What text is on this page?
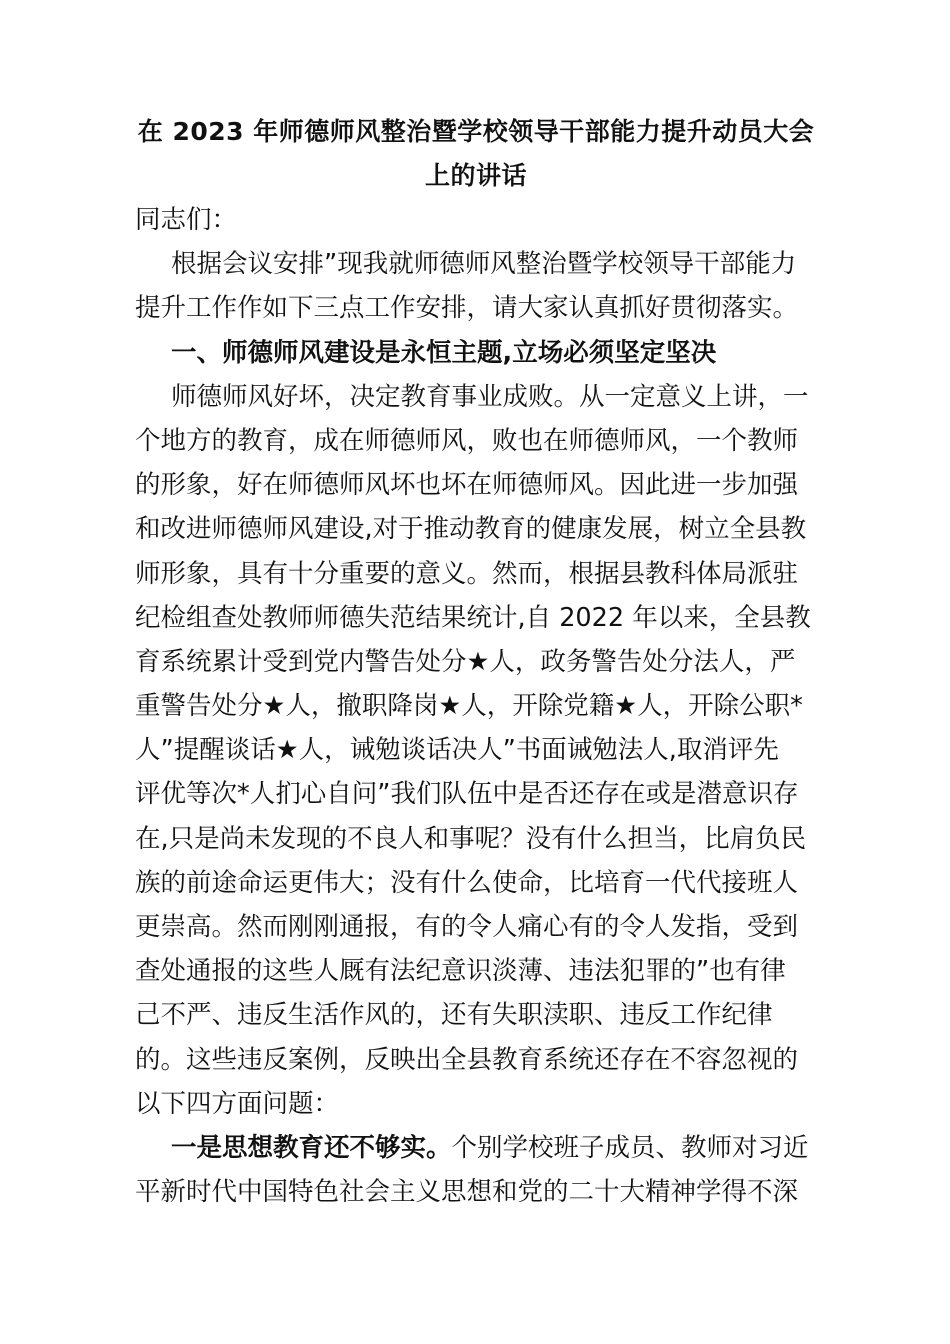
在 2023 年师德师风整治暨学校领导干部能力提升动员大会

上的讲话

同志们：

根据会议安排”现我就师德师风整治暨学校领导干部能力

提升工作作如下三点工作安排，请大家认真抓好贯彻落实。

一、师德师风建设是永恒主题,立场必须坚定坚决

师德师风好坏，决定教育事业成败。从一定意义上讲，一

个地方的教育，成在师德师风，败也在师德师风，一个教师

的形象，好在师德师风坏也坏在师德师风。因此进一步加强

和改进师德师风建设,对于推动教育的健康发展，树立全县教

师形象，具有十分重要的意义。然而，根据县教科体局派驻

纪检组查处教师师德失范结果统计,自 2022 年以来，全县教

育系统累计受到党内警告处分★人，政务警告处分法人，严

重警告处分★人，撤职降岗★人，开除党籍★人，开除公职*

人”提醒谈话★人，诫勉谈话决人”书面诫勉法人,取消评先

评优等次*人扪心自问”我们队伍中是否还存在或是潜意识存

在,只是尚未发现的不良人和事呢？没有什么担当，比肩负民

族的前途命运更伟大；没有什么使命，比培育一代代接班人

更崇高。然而刚刚通报，有的令人痛心有的令人发指，受到

查处通报的这些人厩有法纪意识淡薄、违法犯罪的”也有律

己不严、违反生活作风的，还有失职渎职、违反工作纪律

的。这些违反案例，反映出全县教育系统还存在不容忽视的

以下四方面问题：

一是思想教育还不够实。个别学校班子成员、教师对习近

平新时代中国特色社会主义思想和党的二十大精神学得不深
